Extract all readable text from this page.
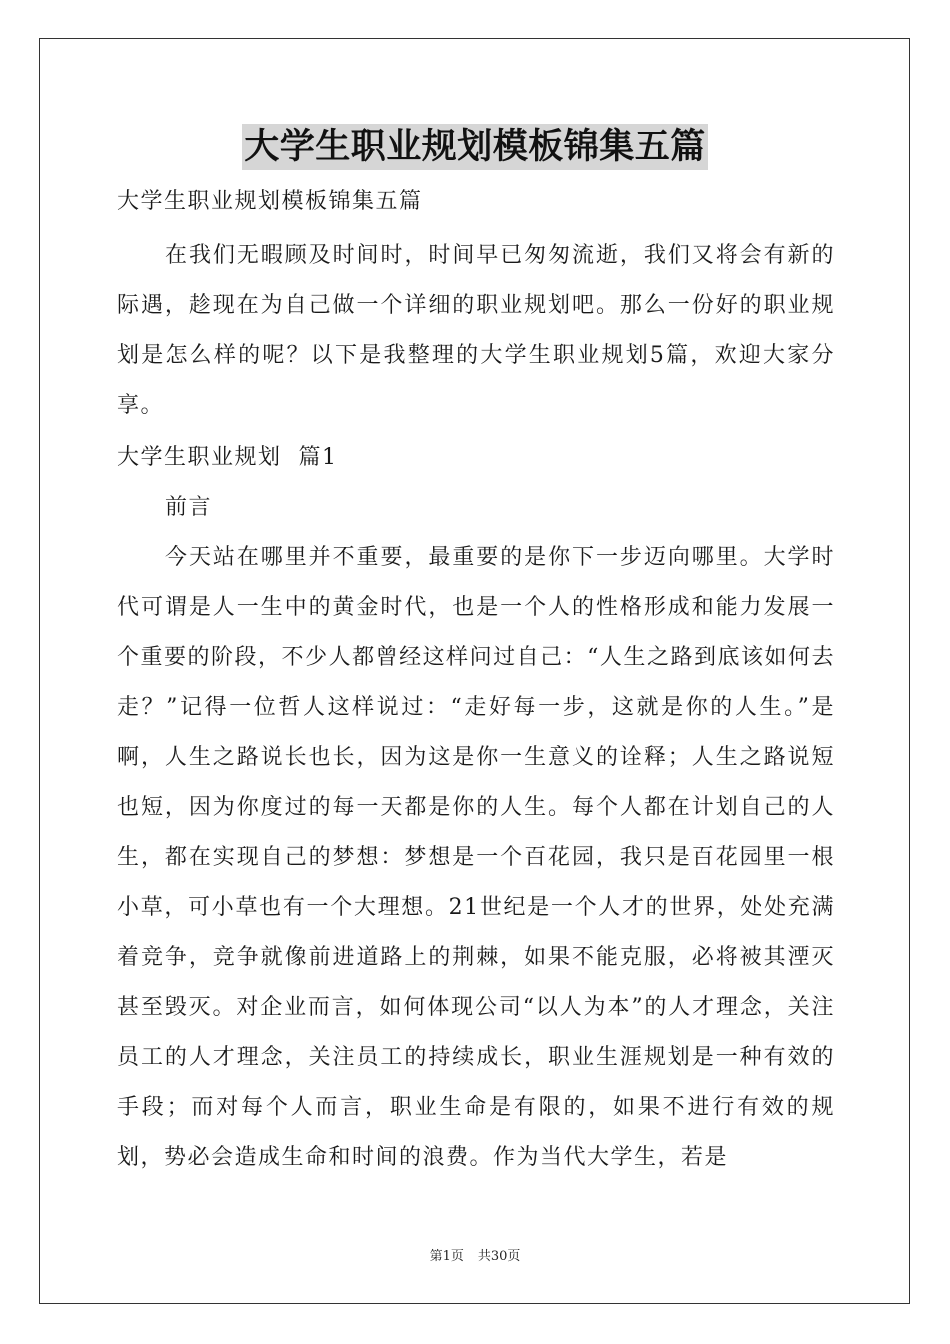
大学生职业规划模板锦集五篇

大学生职业规划模板锦集五篇

在我们无暇顾及时间时，时间早已匆匆流逝，我们又将会有新的际遇，趁现在为自己做一个详细的职业规划吧。那么一份好的职业规划是怎么样的呢？以下是我整理的大学生职业规划5篇，欢迎大家分享。

大学生职业规划  篇1

前言

今天站在哪里并不重要，最重要的是你下一步迈向哪里。大学时代可谓是人一生中的黄金时代，也是一个人的性格形成和能力发展一个重要的阶段，不少人都曾经这样问过自己：“人生之路到底该如何去走？”记得一位哲人这样说过：“走好每一步，这就是你的人生。”是啊，人生之路说长也长，因为这是你一生意义的诠释；人生之路说短也短，因为你度过的每一天都是你的人生。每个人都在计划自己的人生，都在实现自己的梦想：梦想是一个百花园，我只是百花园里一根小草，可小草也有一个大理想。21世纪是一个人才的世界，处处充满着竞争，竞争就像前进道路上的荆棘，如果不能克服，必将被其湮灭甚至毁灭。对企业而言，如何体现公司“以人为本”的人才理念，关注员工的人才理念，关注员工的持续成长，职业生涯规划是一种有效的手段；而对每个人而言，职业生命是有限的，如果不进行有效的规划，势必会造成生命和时间的浪费。作为当代大学生，若是

第1页 共30页
